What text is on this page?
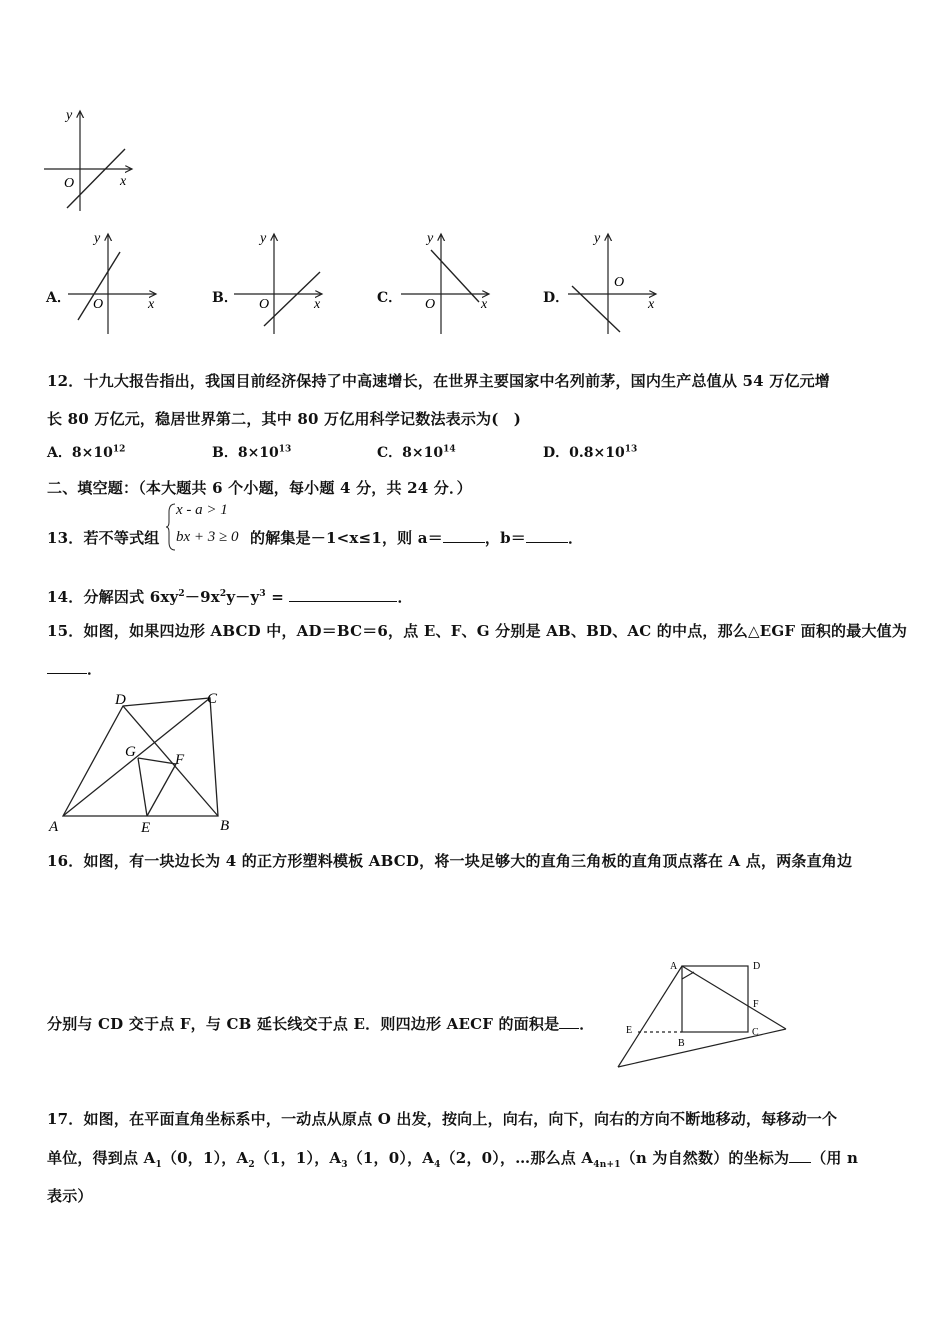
y
x
O
A．
y
x
O	B．
y
x
O	C．
y
x
O	D．
y
x
O
12．十九大报告指出，我国目前经济保持了中高速增长，在世界主要国家中名列前茅，国内生产总值从 54 万亿元增
长 80 万亿元，稳居世界第二，其中 80 万亿用科学记数法表示为(　)
A．$8\times 10^{12}$	B．$8\times 10^{13}$	C．$8\times 10^{14}$	D．$0.8\times 10^{13}$
二、填空题：（本大题共 6 个小题，每小题 4 分，共 24 分．）
13．若不等式组
x - a > 1
bx + 3 ≥ 0 的解集是－1<x≤1，则 a＝	，b＝	．
14．分解因式 $6xy^2-9x^2y-y^3$ =	．
15．如图，如果四边形 ABCD 中，AD＝BC＝6，点 E、F、G 分别是 AB、BD、AC 的中点，那么△EGF 面积的最大值为
．
D	C
G	F
A	E	B
16．如图，有一块边长为 4 的正方形塑料模板 ABCD，将一块足够大的直角三角板的直角顶点落在 A 点，两条直角边
分别与 CD 交于点 F，与 CB 延长线交于点 E．则四边形 AECF 的面积是 ．
A	D
F
E	C
B
17．如图，在平面直角坐标系中，一动点从原点 O 出发，按向上，向右，向下，向右的方向不断地移动，每移动一个
单位，得到点 $A_1(0$，1），$A_2(1$，1），$A_3(1$，0），$A_4(2$，0），…那么点 $A_{4n+1}(n$ 为自然数）的坐标为 （用 n
表示）
